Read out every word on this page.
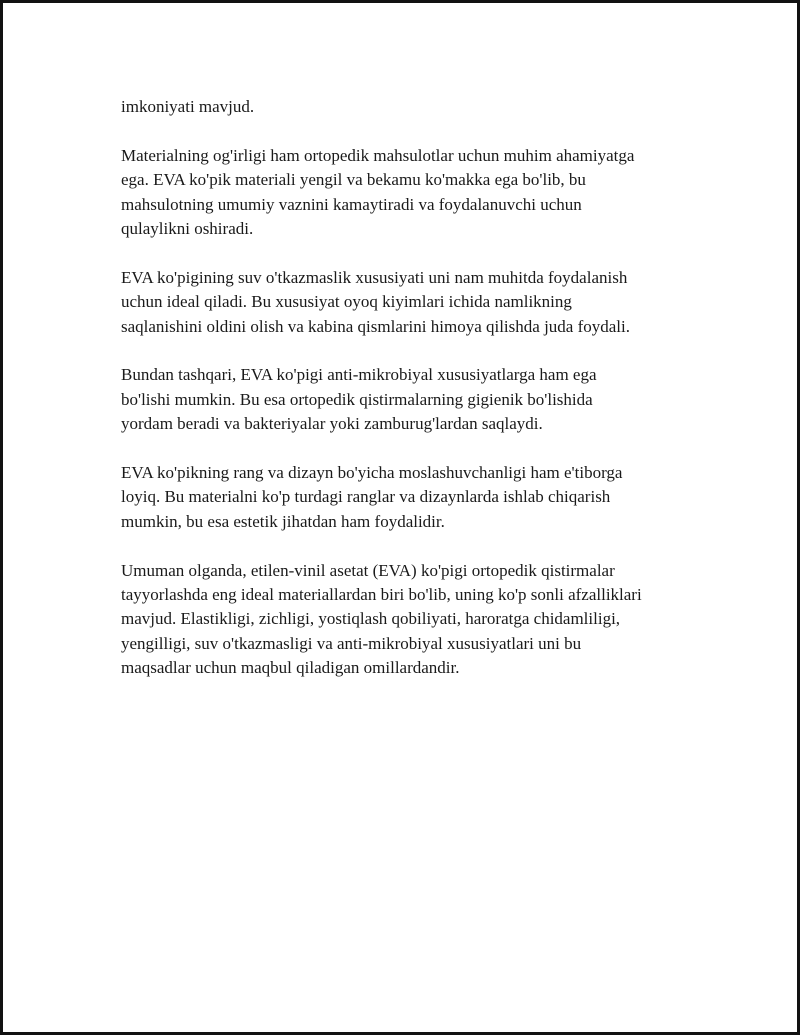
imkoniyati mavjud.

Materialning og'irligi ham ortopedik mahsulotlar uchun muhim ahamiyatga
ega. EVA ko'pik materiali yengil va bekamu ko'makka ega bo'lib, bu
mahsulotning umumiy vaznini kamaytiradi va foydalanuvchi uchun
qulaylikni oshiradi.

EVA ko'pigining suv o'tkazmaslik xususiyati uni nam muhitda foydalanish
uchun ideal qiladi. Bu xususiyat oyoq kiyimlari ichida namlikning
saqlanishini oldini olish va kabina qismlarini himoya qilishda juda foydali.

Bundan tashqari, EVA ko'pigi anti-mikrobiyal xususiyatlarga ham ega
bo'lishi mumkin. Bu esa ortopedik qistirmalarning gigienik bo'lishida
yordam beradi va bakteriyalar yoki zamburug'lardan saqlaydi.

EVA ko'pikning rang va dizayn bo'yicha moslashuvchanligi ham e'tiborga
loyiq. Bu materialni ko'p turdagi ranglar va dizaynlarda ishlab chiqarish
mumkin, bu esa estetik jihatdan ham foydalidir.

Umuman olganda, etilen-vinil asetat (EVA) ko'pigi ortopedik qistirmalar
tayyorlashda eng ideal materiallardan biri bo'lib, uning ko'p sonli afzalliklari
mavjud. Elastikligi, zichligi, yostiqlash qobiliyati, haroratga chidamliligi,
yengilligi, suv o'tkazmasligi va anti-mikrobiyal xususiyatlari uni bu
maqsadlar uchun maqbul qiladigan omillardandir.
